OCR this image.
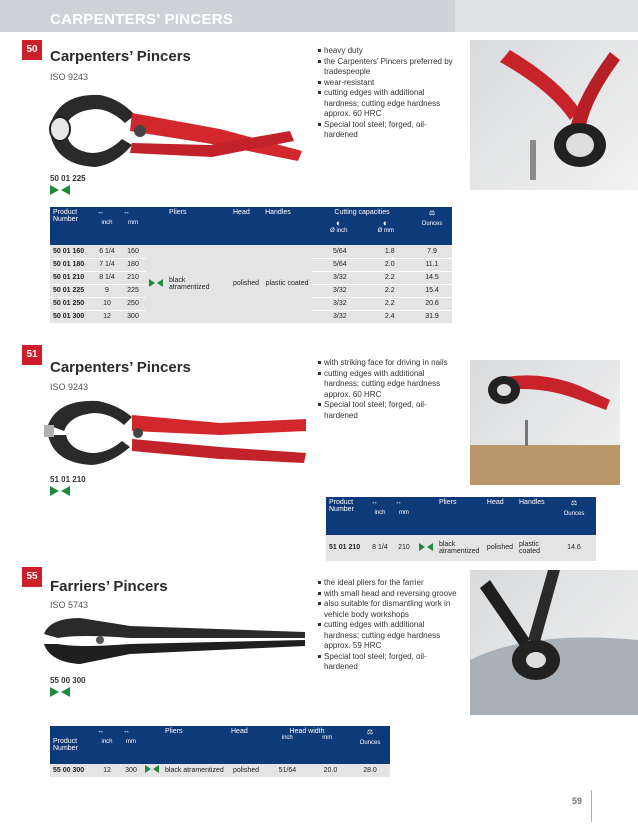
CARPENTERS’ PINCERS
50 Carpenters’ Pincers
ISO 9243
50 01 225
heavy duty
the Carpenters’ Pincers preferred by tradespeople
wear-resistant
cutting edges with additional hardness; cutting edge hardness approx. 60 HRC
Special tool steel; forged, oil-hardened
Product Number	↔
inch	↔
mm		Pliers	Head	Handles	Cutting capacities
◐ ◐
Ø inch Ø mm		⚖
Ounces

50 01 160	6 1/4	160		black atramentized	polished	plastic coated	5/64	1.8	7.9
50 01 180	7 1/4	180					5/64	2.0	11.1
50 01 210	8 1/4	210					3/32	2.2	14.5
50 01 225	9	225					3/32	2.2	15.4
50 01 250	10	250					3/32	2.2	20.6
50 01 300	12	300					3/32	2.4	31.9
51
Carpenters’ Pincers
ISO 9243
51 01 210
with striking face for driving in nails
cutting edges with additional hardness; cutting edge hardness approx. 60 HRC
Special tool steel; forged, oil-hardened
Product Number	↔
inch	↔
mm		Pliers	Head	Handles	⚖
Ounces

51 01 210	8 1/4	210		black atramentized	polished	plastic coated	14.6
55
Farriers’ Pincers
ISO 5743
55 00 300
the ideal pliers for the farrier
with small head and reversing groove
also suitable for dismantling work in vehicle body workshops
cutting edges with additional hardness; cutting edge hardness approx. 59 HRC
Special tool steel; forged, oil-hardened
Product Number	↔
inch	↔
mm		Pliers	Head	Head width
inch mm		⚖
Ounces

55 00 300	12	300		black atramentized	polished	51/64	20.0	28.0
59
